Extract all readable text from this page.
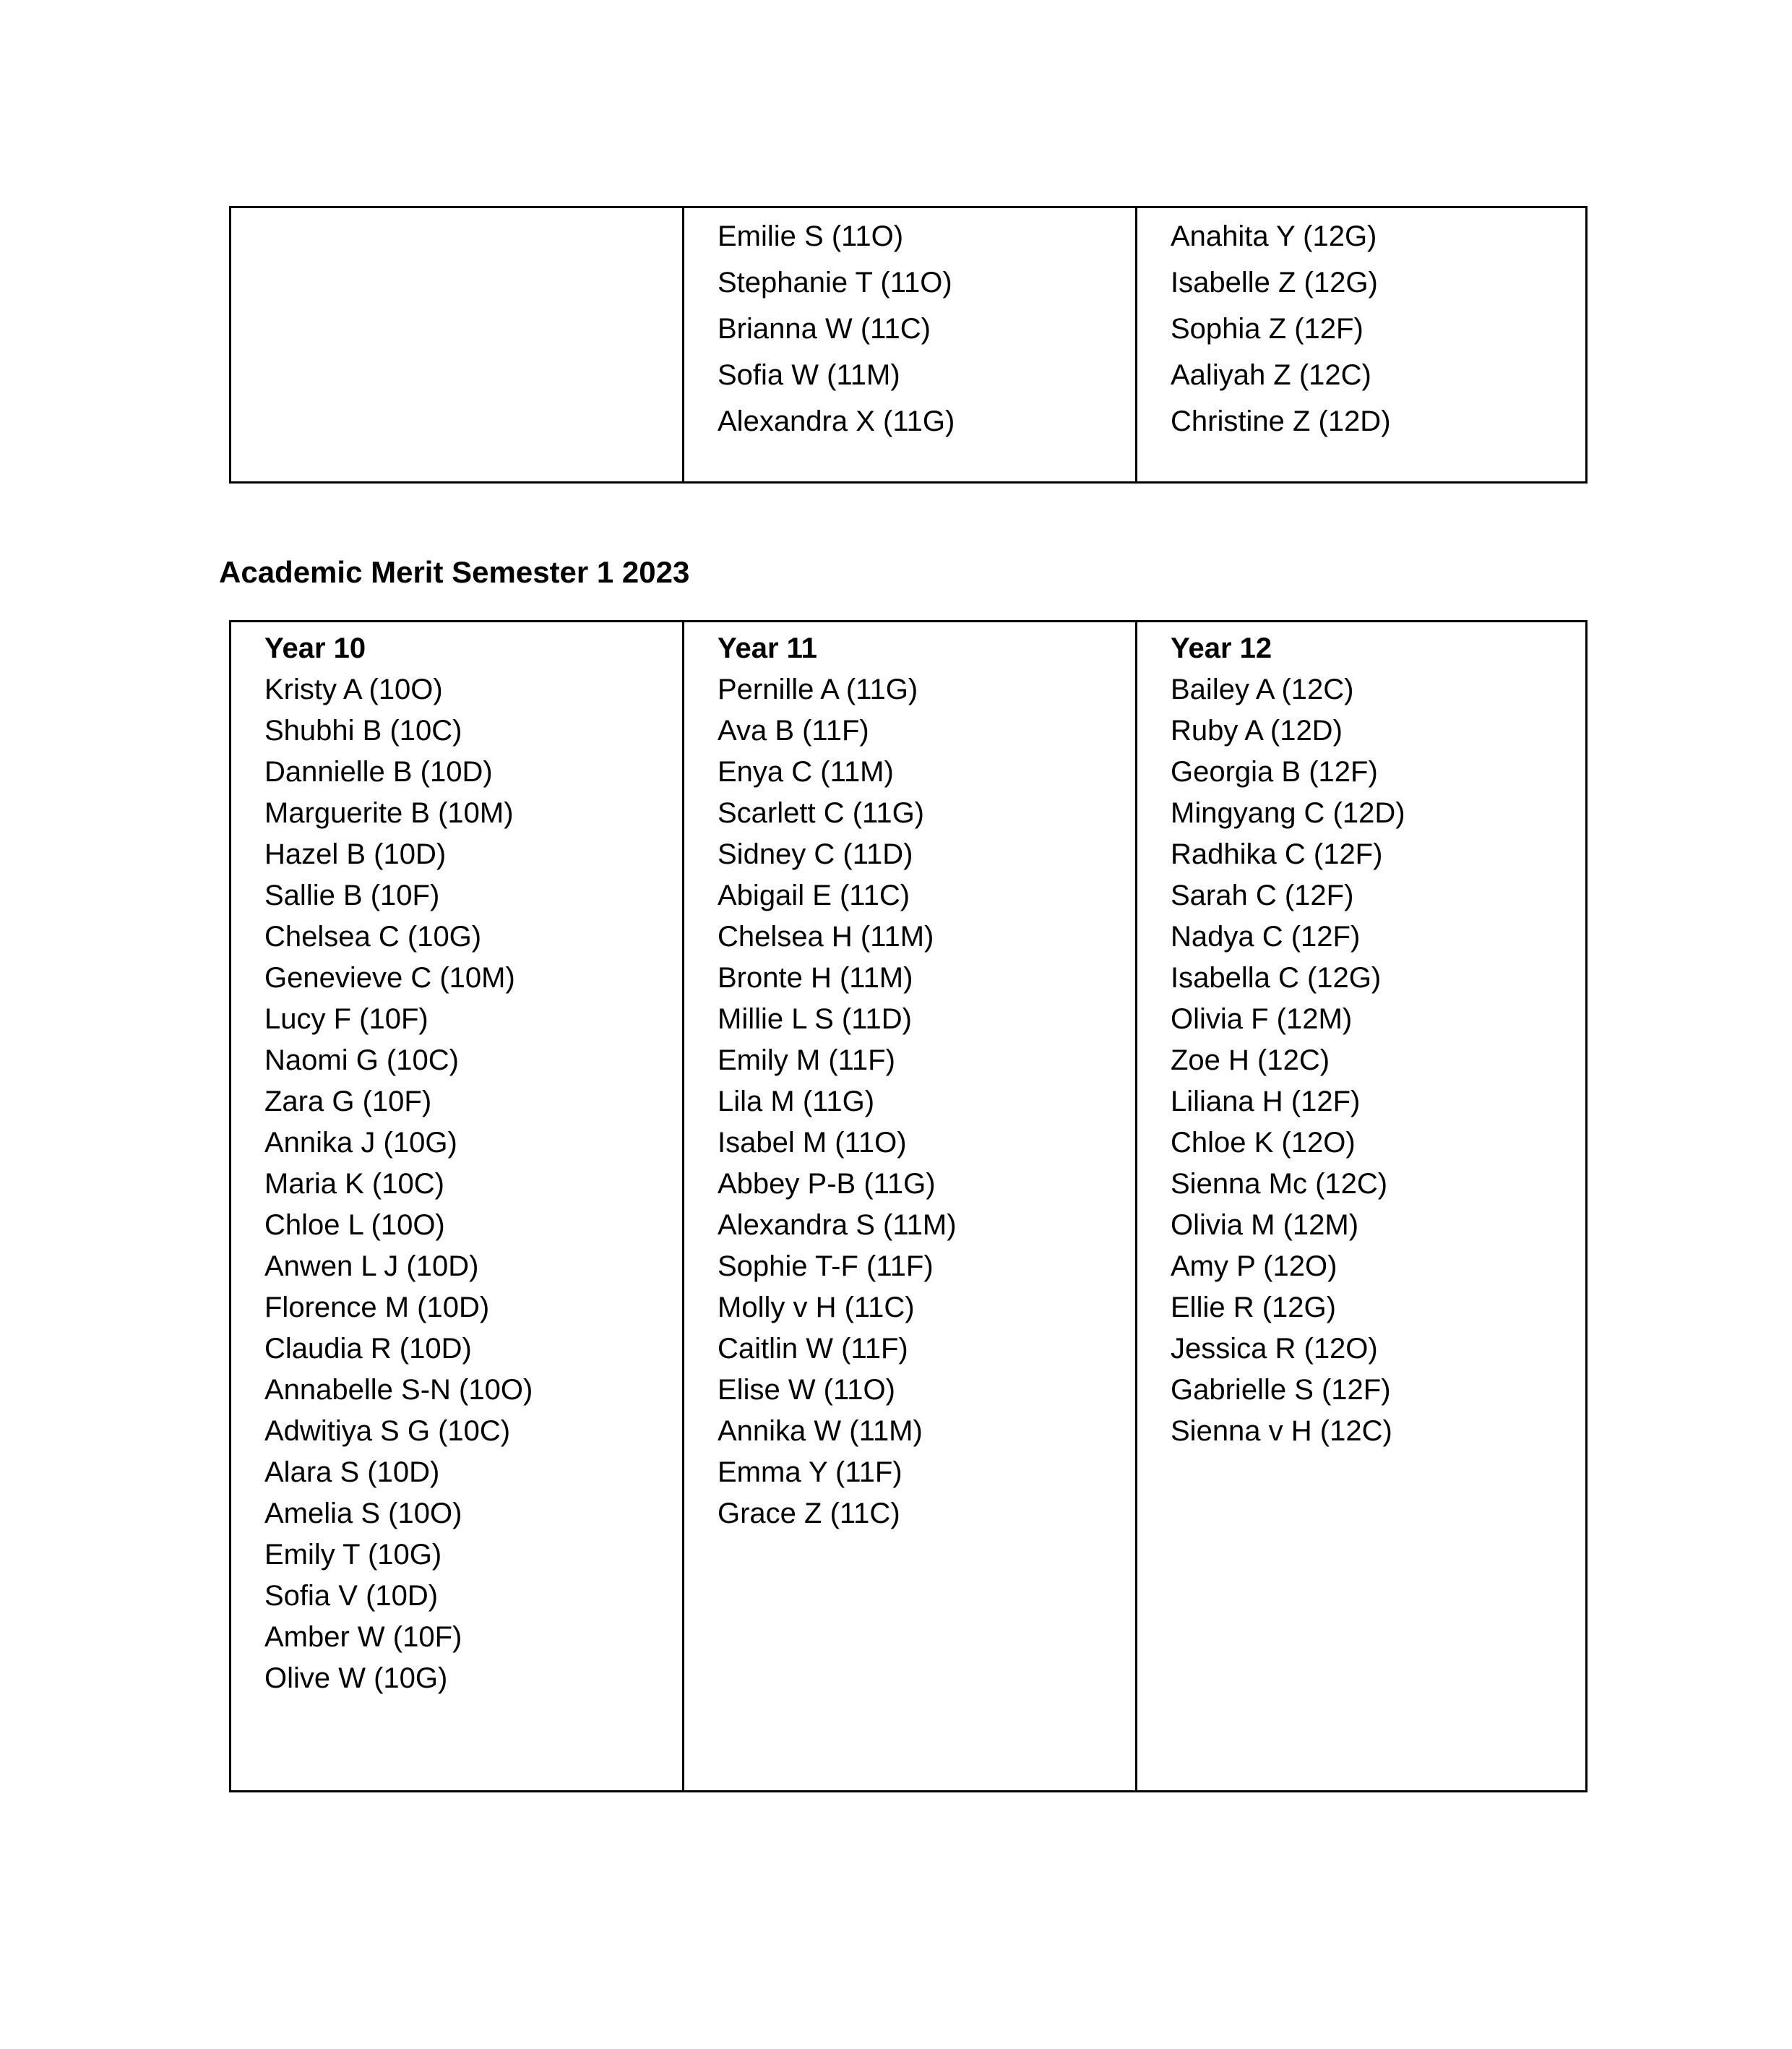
Emilie S (11O)
Stephanie T (11O)
Brianna W (11C)
Sofia W (11M)
Alexandra X (11G)
Anahita Y (12G)
Isabelle Z (12G)
Sophia Z (12F)
Aaliyah Z (12C)
Christine Z (12D)
Academic Merit Semester 1 2023
Year 10
Kristy A (10O)
Shubhi B (10C)
Dannielle B (10D)
Marguerite B (10M)
Hazel B (10D)
Sallie B (10F)
Chelsea C (10G)
Genevieve C (10M)
Lucy F (10F)
Naomi G (10C)
Zara G (10F)
Annika J (10G)
Maria K (10C)
Chloe L (10O)
Anwen L J (10D)
Florence M (10D)
Claudia R (10D)
Annabelle S-N (10O)
Adwitiya S G (10C)
Alara S (10D)
Amelia S (10O)
Emily T (10G)
Sofia V (10D)
Amber W (10F)
Olive W (10G)
Year 11
Pernille A (11G)
Ava B (11F)
Enya C (11M)
Scarlett C (11G)
Sidney C (11D)
Abigail E (11C)
Chelsea H (11M)
Bronte H (11M)
Millie L S (11D)
Emily M (11F)
Lila M (11G)
Isabel M (11O)
Abbey P-B (11G)
Alexandra S (11M)
Sophie T-F (11F)
Molly v H (11C)
Caitlin W (11F)
Elise W (11O)
Annika W (11M)
Emma Y (11F)
Grace Z (11C)
Year 12
Bailey A (12C)
Ruby A (12D)
Georgia B (12F)
Mingyang C (12D)
Radhika C (12F)
Sarah C (12F)
Nadya C (12F)
Isabella C (12G)
Olivia F (12M)
Zoe H (12C)
Liliana H (12F)
Chloe K (12O)
Sienna Mc (12C)
Olivia M (12M)
Amy P (12O)
Ellie R (12G)
Jessica R (12O)
Gabrielle S (12F)
Sienna v H (12C)
